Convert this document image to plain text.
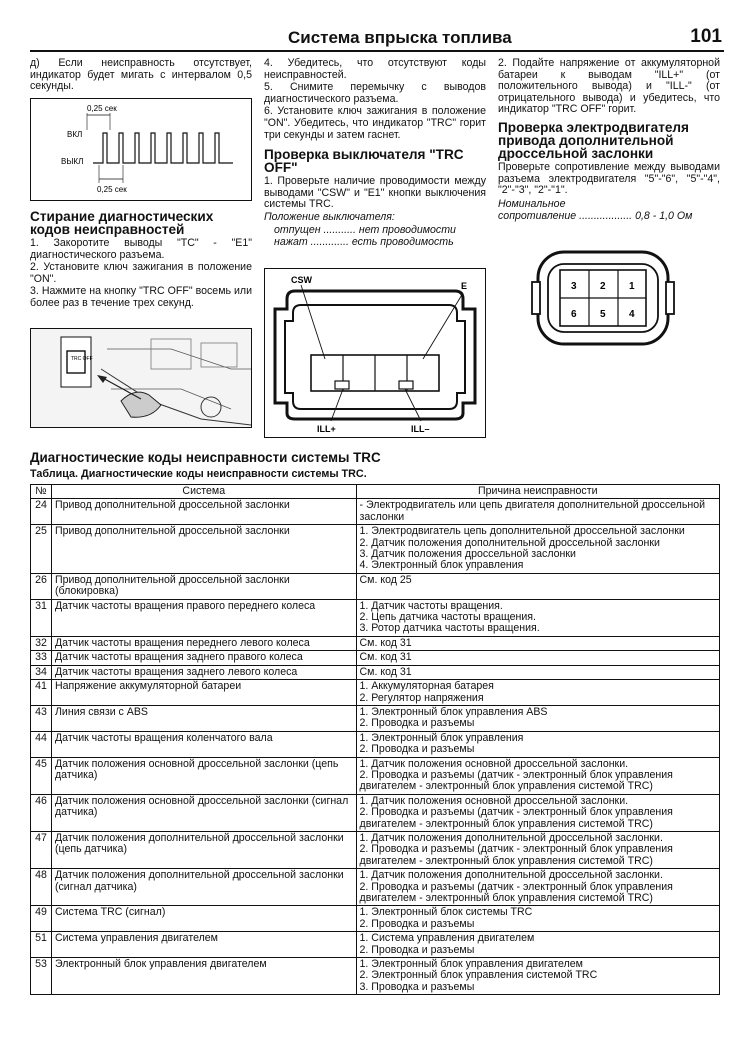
Система впрыска топлива	101

д) Если неисправность отсутствует, индикатор будет мигать с интервалом 0,5 секунды.

0,25 сек
ВКЛ
ВЫКЛ
0,25 сек
Стирание диагностических кодов неисправностей

1. Закоротите выводы "TC" - "E1" диагностического разъема.

2. Установите ключ зажигания в положение "ON".

3. Нажмите на кнопку "TRC OFF" восемь или более раз в течение трех секунд.

TRC OFF

4. Убедитесь, что отсутствуют коды неисправностей.

5. Снимите перемычку с выводов диагностического разъема.

6. Установите ключ зажигания в положение "ON". Убедитесь, что индикатор "TRC" горит три секунды и затем гаснет.

Проверка выключателя "TRC OFF"

1. Проверьте наличие проводимости между выводами "CSW" и "E1" кнопки выключения системы TRC.

Положение выключателя:

отпущен ........... нет проводимости

нажат ............. есть проводимость

CSW
E
ILL+	ILL–

2. Подайте напряжение от аккумуляторной батареи к выводам "ILL+" (от положительного вывода) и "ILL-" (от отрицательного вывода) и убедитесь, что индикатор "TRC OFF" горит.

Проверка электродвигателя привода дополнительной дроссельной заслонки

Проверьте сопротивление между выводами разъема электродвигателя "5"-"6", "5"-"4", "2"-"3", "2"-"1".

Номинальное

сопротивление .................. 0,8 - 1,0 Ом

3 2 1
6 5 4
Диагностические коды неисправности системы TRC
Таблица. Диагностические коды неисправности системы TRC.
№	Система	Причина неисправности
24	Привод дополнительной дроссельной заслонки	- Электродвигатель или цепь двигателя дополнительной дроссельной заслонки

25	Привод дополнительной дроссельной заслонки	1. Электродвигатель цепь дополнительной дроссельной заслонки
2. Датчик положения дополнительной дроссельной заслонки
3. Датчик положения дроссельной заслонки
4. Электронный блок управления

26	Привод дополнительной дроссельной заслонки (блокировка)	См. код 25

31	Датчик частоты вращения правого переднего колеса	1. Датчик частоты вращения.
2. Цепь датчика частоты вращения.
3. Ротор датчика частоты вращения.

32	Датчик частоты вращения переднего левого колеса	См. код 31

33	Датчик частоты вращения заднего правого колеса	См. код 31

34	Датчик частоты вращения заднего левого колеса	См. код 31

41	Напряжение аккумуляторной батареи	1. Аккумуляторная батарея
2. Регулятор напряжения

43	Линия связи с ABS	1. Электронный блок управления ABS
2. Проводка и разъемы

44	Датчик частоты вращения коленчатого вала	1. Электронный блок управления
2. Проводка и разъемы

45	Датчик положения основной дроссельной заслонки (цепь датчика)	1. Датчик положения основной дроссельной заслонки.
2. Проводка и разъемы (датчик - электронный блок управления двигателем - электронный блок управления системой TRC)

46	Датчик положения основной дроссельной заслонки (сигнал датчика)	1. Датчик положения основной дроссельной заслонки.
2. Проводка и разъемы (датчик - электронный блок управления двигателем - электронный блок управления системой TRC)

47	Датчик положения дополнительной дроссельной заслонки (цепь датчика)	1. Датчик положения дополнительной дроссельной заслонки.
2. Проводка и разъемы (датчик - электронный блок управления двигателем - электронный блок управления системой TRC)

48	Датчик положения дополнительной дроссельной заслонки (сигнал датчика)	1. Датчик положения дополнительной дроссельной заслонки.
2. Проводка и разъемы (датчик - электронный блок управления двигателем - электронный блок управления системой TRC)

49	Система TRC (сигнал)	1. Электронный блок системы TRC
2. Проводка и разъемы

51	Система управления двигателем	1. Система управления двигателем
2. Проводка и разъемы

53	Электронный блок управления двигателем	1. Электронный блок управления двигателем
2. Электронный блок управления системой TRC
3. Проводка и разъемы
